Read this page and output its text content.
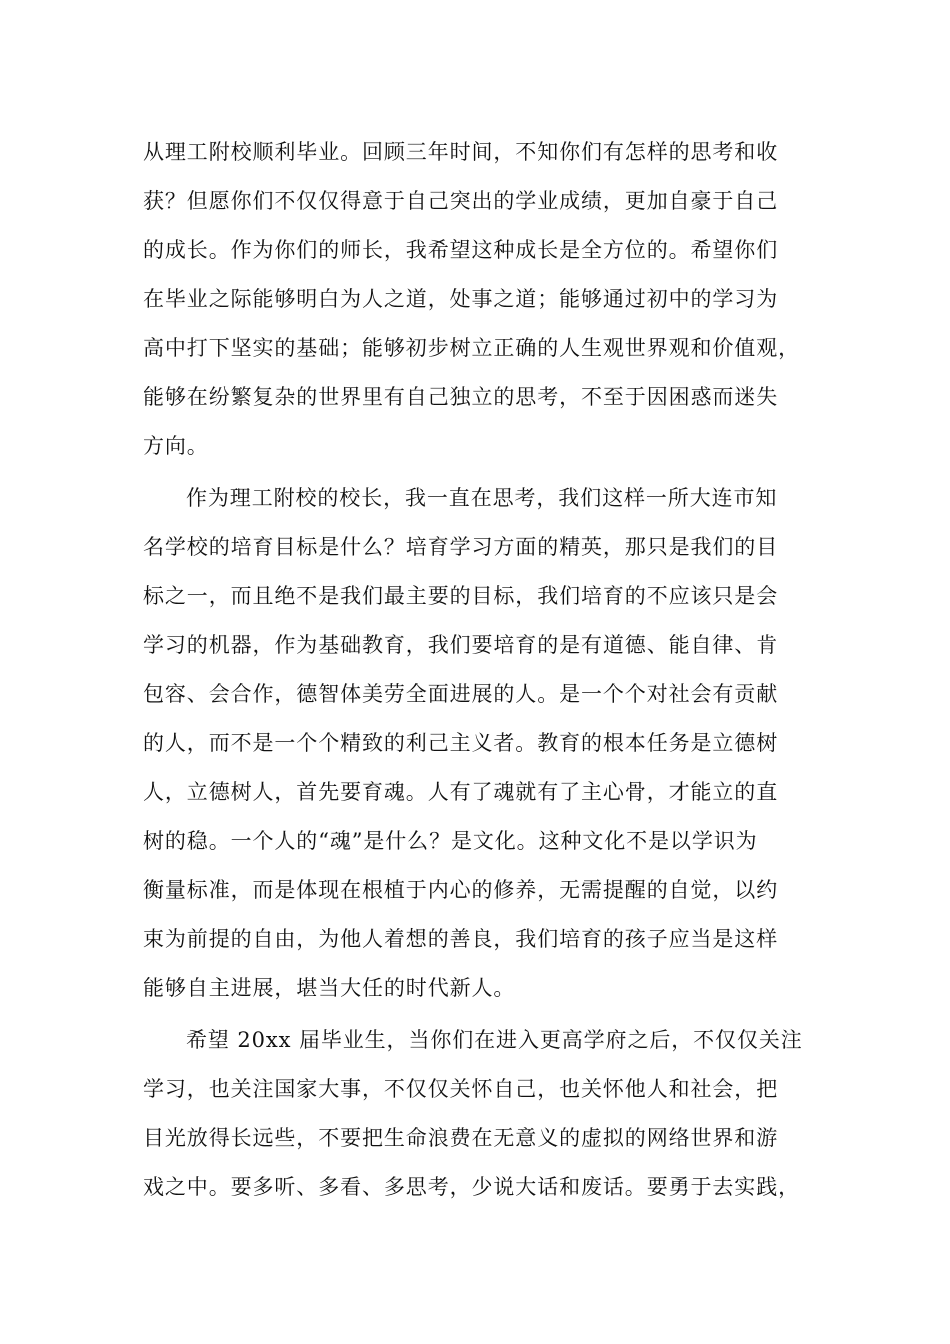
从理工附校顺利毕业。回顾三年时间，不知你们有怎样的思考和收
获？但愿你们不仅仅得意于自己突出的学业成绩，更加自豪于自己
的成长。作为你们的师长，我希望这种成长是全方位的。希望你们
在毕业之际能够明白为人之道，处事之道；能够通过初中的学习为
高中打下坚实的基础；能够初步树立正确的人生观世界观和价值观，
能够在纷繁复杂的世界里有自己独立的思考，不至于因困惑而迷失
方向。
作为理工附校的校长，我一直在思考，我们这样一所大连市知
名学校的培育目标是什么？培育学习方面的精英，那只是我们的目
标之一，而且绝不是我们最主要的目标，我们培育的不应该只是会
学习的机器，作为基础教育，我们要培育的是有道德、能自律、肯
包容、会合作，德智体美劳全面进展的人。是一个个对社会有贡献
的人，而不是一个个精致的利己主义者。教育的根本任务是立德树
人，立德树人，首先要育魂。人有了魂就有了主心骨，才能立的直
树的稳。一个人的“魂”是什么？是文化。这种文化不是以学识为
衡量标准，而是体现在根植于内心的修养，无需提醒的自觉，以约
束为前提的自由，为他人着想的善良，我们培育的孩子应当是这样
能够自主进展，堪当大任的时代新人。
希望 20xx 届毕业生，当你们在进入更高学府之后，不仅仅关注
学习，也关注国家大事，不仅仅关怀自己，也关怀他人和社会，把
目光放得长远些，不要把生命浪费在无意义的虚拟的网络世界和游
戏之中。要多听、多看、多思考，少说大话和废话。要勇于去实践，
